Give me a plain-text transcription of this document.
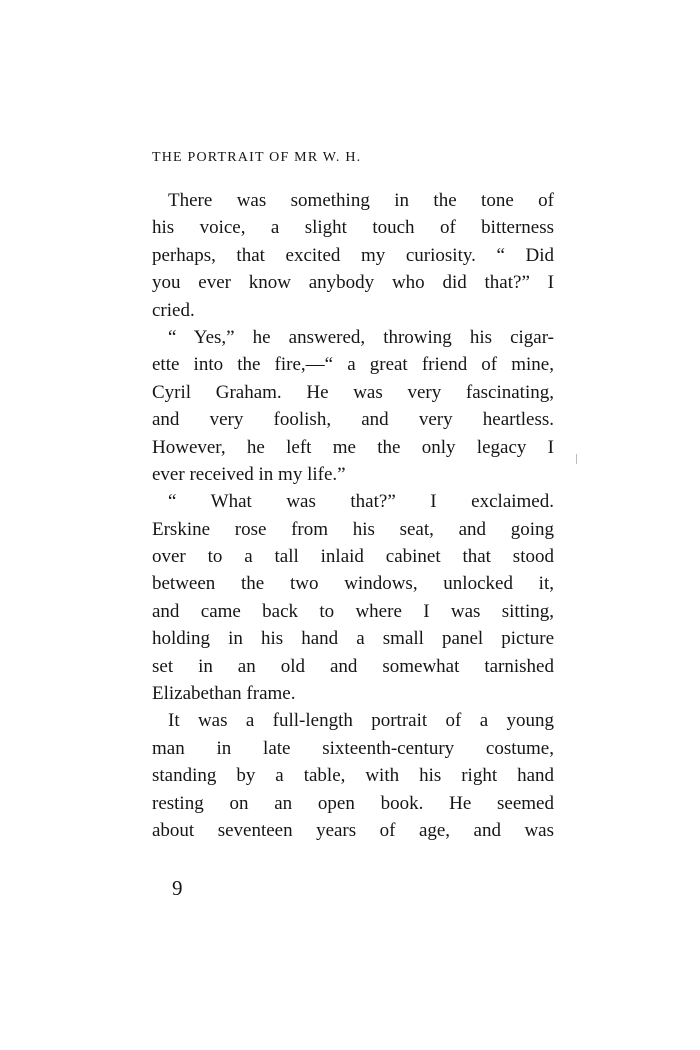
THE PORTRAIT OF MR W. H.
There was something in the tone of
his voice, a slight touch of bitterness
perhaps, that excited my curiosity. “ Did
you ever know anybody who did that?” I
cried.
“ Yes,” he answered, throwing his cigar-
ette into the fire,—“ a great friend of mine,
Cyril Graham. He was very fascinating,
and very foolish, and very heartless.
However, he left me the only legacy I
ever received in my life.”
“ What was that?” I exclaimed.
Erskine rose from his seat, and going
over to a tall inlaid cabinet that stood
between the two windows, unlocked it,
and came back to where I was sitting,
holding in his hand a small panel picture
set in an old and somewhat tarnished
Elizabethan frame.
It was a full-length portrait of a young
man in late sixteenth-century costume,
standing by a table, with his right hand
resting on an open book. He seemed
about seventeen years of age, and was
9
